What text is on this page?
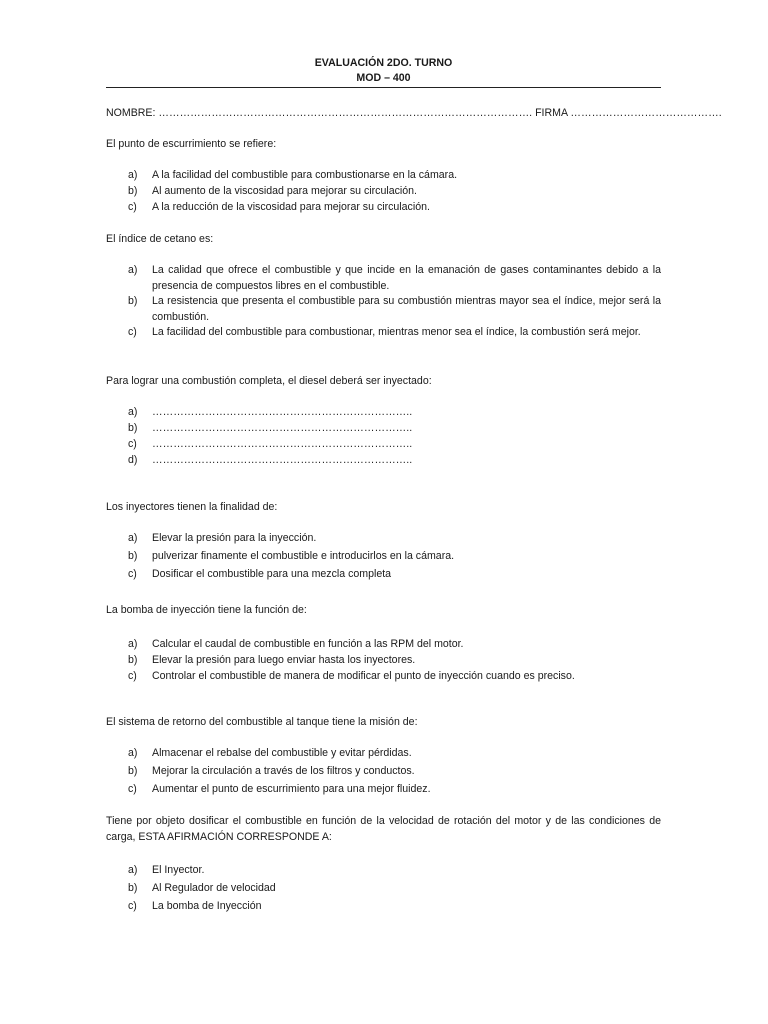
EVALUACIÓN 2DO. TURNO
MOD – 400
NOMBRE: ……………………………………………………………………………………………. FIRMA …………………………………….
El punto de escurrimiento se refiere:
a) A la facilidad del combustible para combustionarse en la cámara.
b) Al aumento de la viscosidad para mejorar su circulación.
c) A la reducción de la viscosidad para mejorar su circulación.
El índice de cetano es:
a) La calidad que ofrece el combustible y que incide en la emanación de gases contaminantes debido a la presencia de compuestos libres en el combustible.
b) La resistencia que presenta el combustible para su combustión mientras mayor sea el índice, mejor será la combustión.
c) La facilidad del combustible para combustionar, mientras menor sea el índice, la combustión será mejor.
Para lograr una combustión completa, el diesel deberá ser inyectado:
a) ………………………………………………………………..
b) ………………………………………………………………..
c) ………………………………………………………………..
d) ………………………………………………………………..
Los inyectores tienen la finalidad de:
a) Elevar la presión para la inyección.
b) pulverizar finamente el combustible e introducirlos en la cámara.
c) Dosificar el combustible para una mezcla completa
La bomba de inyección tiene la función de:
a) Calcular el caudal de combustible en función a las RPM del motor.
b) Elevar la presión para luego enviar hasta los inyectores.
c) Controlar el combustible de manera de modificar el punto de inyección cuando es preciso.
El sistema de retorno del combustible al tanque tiene la misión de:
a) Almacenar el rebalse del combustible y evitar pérdidas.
b) Mejorar la circulación a través de los filtros y conductos.
c) Aumentar el punto de escurrimiento para una mejor fluidez.
Tiene por objeto dosificar el combustible en función de la velocidad de rotación del motor y de las condiciones de carga, ESTA AFIRMACIÓN CORRESPONDE A:
a) El Inyector.
b) Al Regulador de velocidad
c) La bomba de Inyección
